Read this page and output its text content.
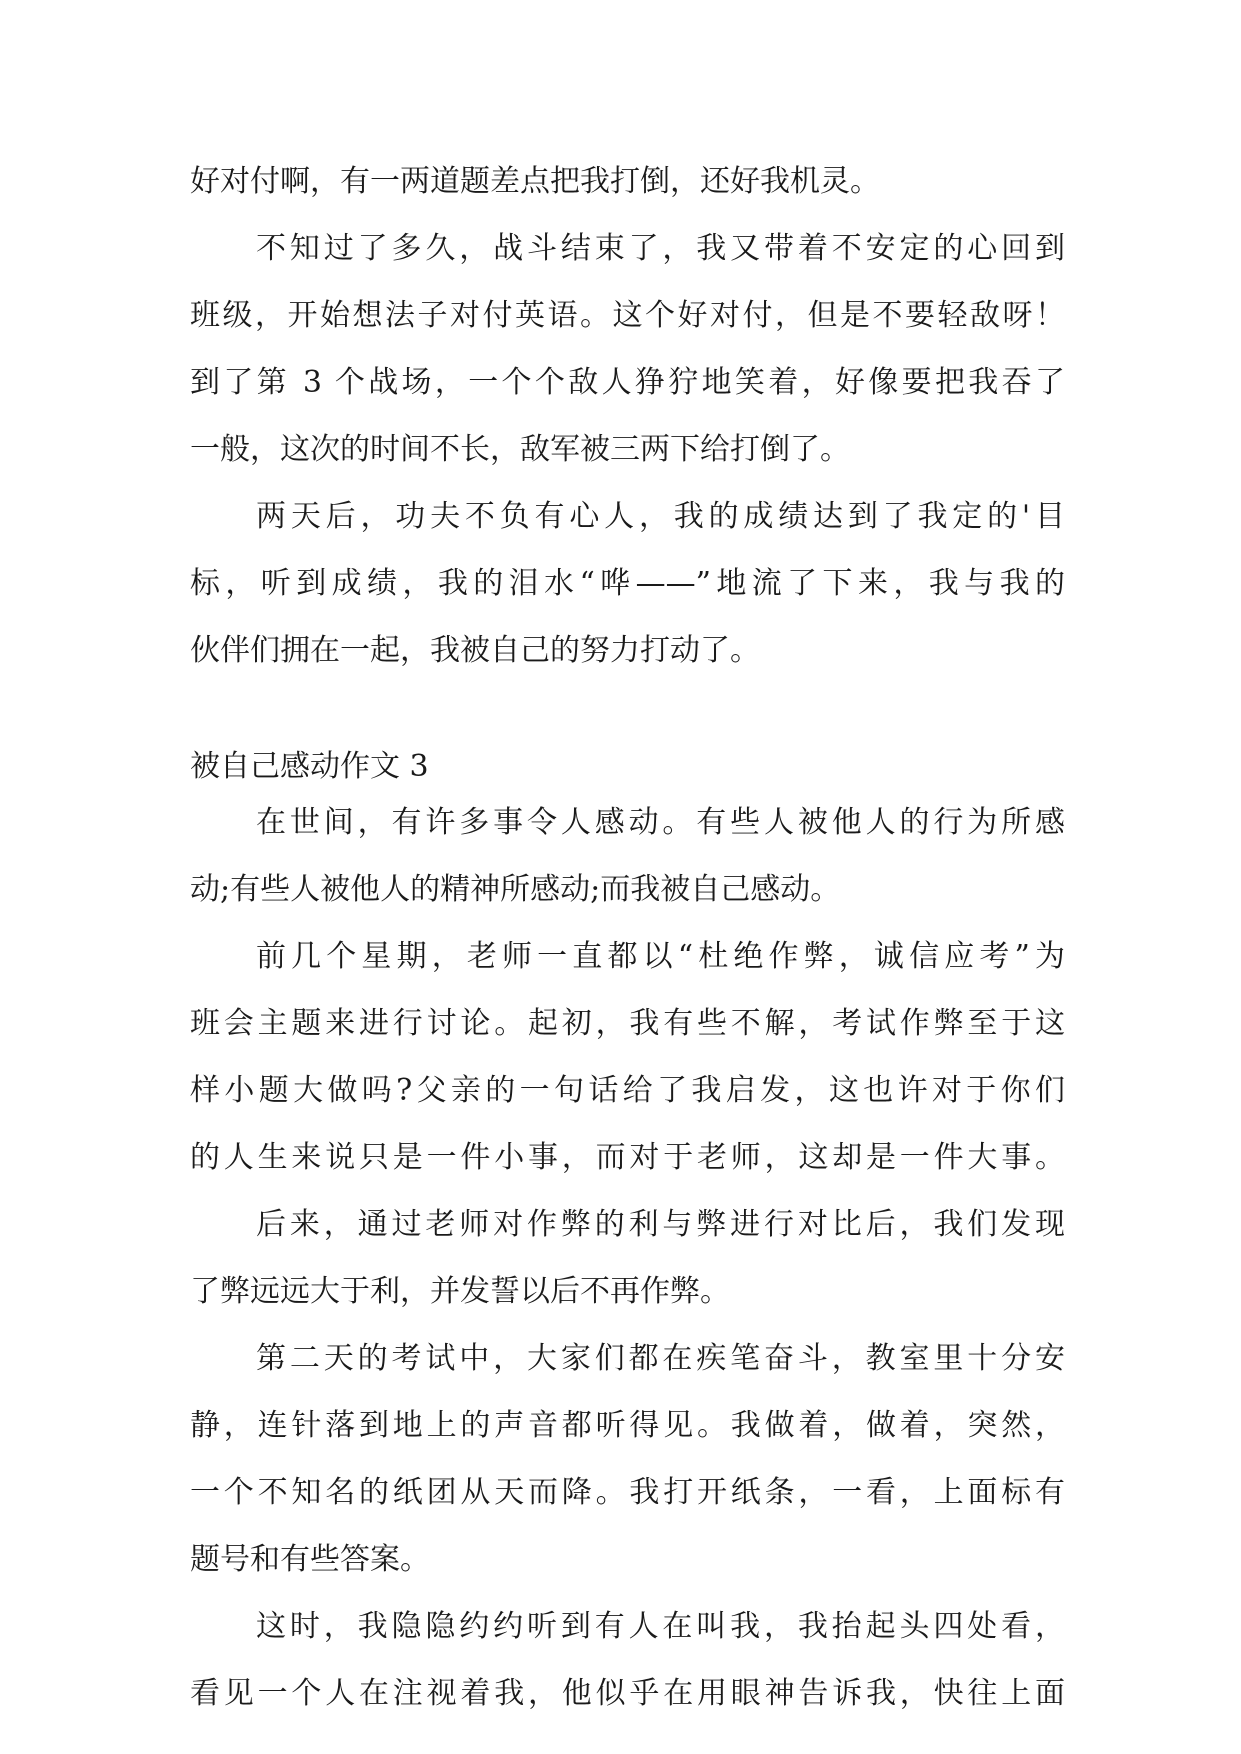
好对付啊，有一两道题差点把我打倒，还好我机灵。
不知过了多久，战斗结束了，我又带着不安定的心回到
班级，开始想法子对付英语。这个好对付，但是不要轻敌呀！
到了第 3 个战场，一个个敌人狰狞地笑着，好像要把我吞了
一般，这次的时间不长，敌军被三两下给打倒了。
两天后，功夫不负有心人，我的成绩达到了我定的'目
标，听到成绩，我的泪水“哗——”地流了下来，我与我的
伙伴们拥在一起，我被自己的努力打动了。
被自己感动作文 3
在世间，有许多事令人感动。有些人被他人的行为所感
动;有些人被他人的精神所感动;而我被自己感动。
前几个星期，老师一直都以“杜绝作弊，诚信应考”为
班会主题来进行讨论。起初，我有些不解，考试作弊至于这
样小题大做吗?父亲的一句话给了我启发，这也许对于你们
的人生来说只是一件小事，而对于老师，这却是一件大事。
后来，通过老师对作弊的利与弊进行对比后，我们发现
了弊远远大于利，并发誓以后不再作弊。
第二天的考试中，大家们都在疾笔奋斗，教室里十分安
静，连针落到地上的声音都听得见。我做着，做着，突然，
一个不知名的纸团从天而降。我打开纸条，一看，上面标有
题号和有些答案。
这时，我隐隐约约听到有人在叫我，我抬起头四处看，
看见一个人在注视着我，他似乎在用眼神告诉我，快往上面
